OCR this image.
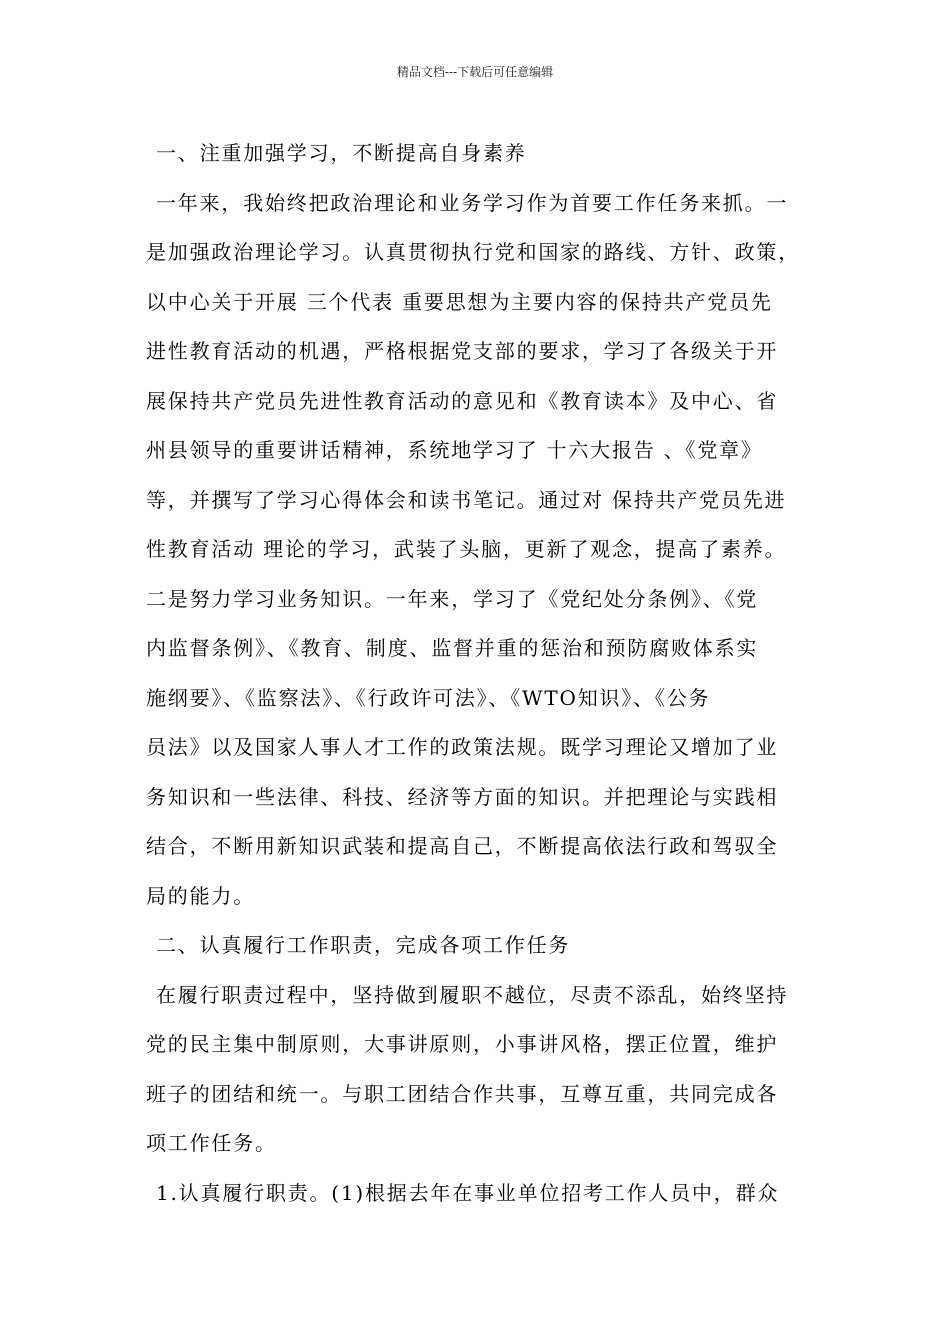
精品文档---下载后可任意编辑
一、注重加强学习，不断提高自身素养
一年来，我始终把政治理论和业务学习作为首要工作任务来抓。一
是加强政治理论学习。认真贯彻执行党和国家的路线、方针、政策，
以中心关于开展 三个代表 重要思想为主要内容的保持共产党员先
进性教育活动的机遇，严格根据党支部的要求，学习了各级关于开
展保持共产党员先进性教育活动的意见和《教育读本》及中心、省
州县领导的重要讲话精神，系统地学习了 十六大报告 、《党章》
等，并撰写了学习心得体会和读书笔记。通过对 保持共产党员先进
性教育活动 理论的学习，武装了头脑，更新了观念，提高了素养。
二是努力学习业务知识。一年来，学习了《党纪处分条例》、《党
内监督条例》、《教育、制度、监督并重的惩治和预防腐败体系实
施纲要》、《监察法》、《行政许可法》、《WTO知识》、《公务
员法》以及国家人事人才工作的政策法规。既学习理论又增加了业
务知识和一些法律、科技、经济等方面的知识。并把理论与实践相
结合，不断用新知识武装和提高自己，不断提高依法行政和驾驭全
局的能力。
二、认真履行工作职责，完成各项工作任务
在履行职责过程中，坚持做到履职不越位，尽责不添乱，始终坚持
党的民主集中制原则，大事讲原则，小事讲风格，摆正位置，维护
班子的团结和统一。与职工团结合作共事，互尊互重，共同完成各
项工作任务。
1.认真履行职责。(1)根据去年在事业单位招考工作人员中，群众
